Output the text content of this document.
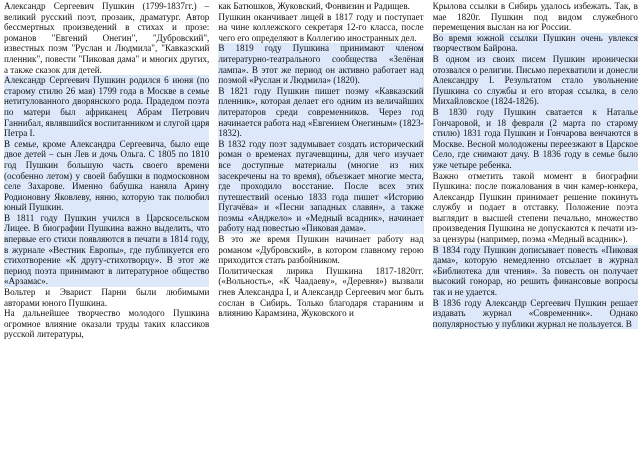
Александр Сергеевич Пушкин (1799-1837гг.) – великий русский поэт, прозаик, драматург. Автор бессмертных произведений в стихах и прозе: романов "Евгений Онегин", "Дубровский", известных поэм "Руслан и Людмила", "Кавказский пленник", повести "Пиковая дама" и многих других, а также сказок для детей.

Александр Сергеевич Пушкин родился 6 июня (по старому стилю 26 мая) 1799 года в Москве в семье нетитулованного дворянского рода. Прадедом поэта по матери был африканец Абрам Петрович Ганнибал, являвшийся воспитанником и слугой царя Петра I.

В семье, кроме Александра Сергеевича, было еще двое детей – сын Лев и дочь Ольга. С 1805 по 1810 год Пушкин большую часть своего времени (особенно летом) у своей бабушки в подмосковном селе Захарове. Именно бабушка наняла Арину Родионовну Яковлеву, няню, которую так полюбил юный Пушкин.

В 1811 году Пушкин учился в Царскосельском Лицее. В биографии Пушкина важно выделить, что впервые его стихи появляются в печати в 1814 году, в журнале «Вестник Европы», где публикуется его стихотворение «К другу-стихотворцу». В этот же период поэта принимают в литературное общество «Арзамас».

Вольтер и Эварист Парни были любимыми авторами юного Пушкина.

На дальнейшее творчество молодого Пушкина огромное влияние оказали труды таких классиков русской литературы,

как Батюшков, Жуковский, Фонвизин и Радищев.

Пушкин оканчивает лицей в 1817 году и поступает на чине коллежского секретаря 12-го класса, после чего его определяют в Коллегию иностранных дел.

В 1819 году Пушкина принимают членом литературно-театрального сообщества «Зелёная лампа». В этот же период он активно работает над поэмой «Руслан и Людмила» (1820).

В 1821 году Пушкин пишет поэму «Кавказский пленник», которая делает его одним из величайших литераторов среди современников. Через год начинается работа над «Евгением Онегиным» (1823-1832).

В 1832 году поэт задумывает создать исторический роман о временах пугачевщины, для чего изучает все доступные материалы (многие из них засекречены на то время), объезжает многие места, где проходило восстание. После всех этих путешествий осенью 1833 года пишет «Историю Пугачёва» и «Песни западных славян», а также поэмы «Анджело» и «Медный всадник», начинает работу над повестью «Пиковая дама».

В это же время Пушкин начинает работу над романом «Дубровский», в котором главному герою приходится стать разбойником.

Политическая лирика Пушкина 1817-1820гг. («Вольность», «К Чаадаеву», «Деревня») вызвали гнев Александра I, и Александр Сергеевич мог быть сослан в Сибирь. Только благодаря стараниям и влиянию Карамзина, Жуковского и

Крылова ссылки в Сибирь удалось избежать. Так, в мае 1820г. Пушкин под видом служебного перемещения выслан на юг России.

Во время южной ссылки Пушкин очень увлекся творчеством Байрона.

В одном из своих писем Пушкин иронически отозвался о религии. Письмо перехватили и донесли Александру I. Результатом стало увольнение Пушкина со службы и его вторая ссылка, в село Михайловское (1824-1826).

В 1830 году Пушкин сватается к Наталье Гончаровой, и 18 февраля (2 марта по старому стилю) 1831 года Пушкин и Гончарова венчаются в Москве. Весной молодожены переезжают в Царское Село, где снимают дачу. В 1836 году в семье было уже четыре ребенка.

Важно отметить такой момент в биографии Пушкина: после пожалования в чин камер-юнкера, Александр Пушкин принимает решение покинуть службу и подает в отставку. Положение поэта выглядит в высшей степени печально, множество произведения Пушкина не допускаются к печати из-за цензуры (например, поэма «Медный всадник»).

В 1834 году Пушкин дописывает повесть «Пиковая дама», которую немедленно отсылает в журнал «Библиотека для чтения». За повесть он получает высокий гонорар, но решить финансовые вопросы так и не удается.

В 1836 году Александр Сергеевич Пушкин решает издавать журнал «Современник». Однако популярностью у публики журнал не пользуется. В
